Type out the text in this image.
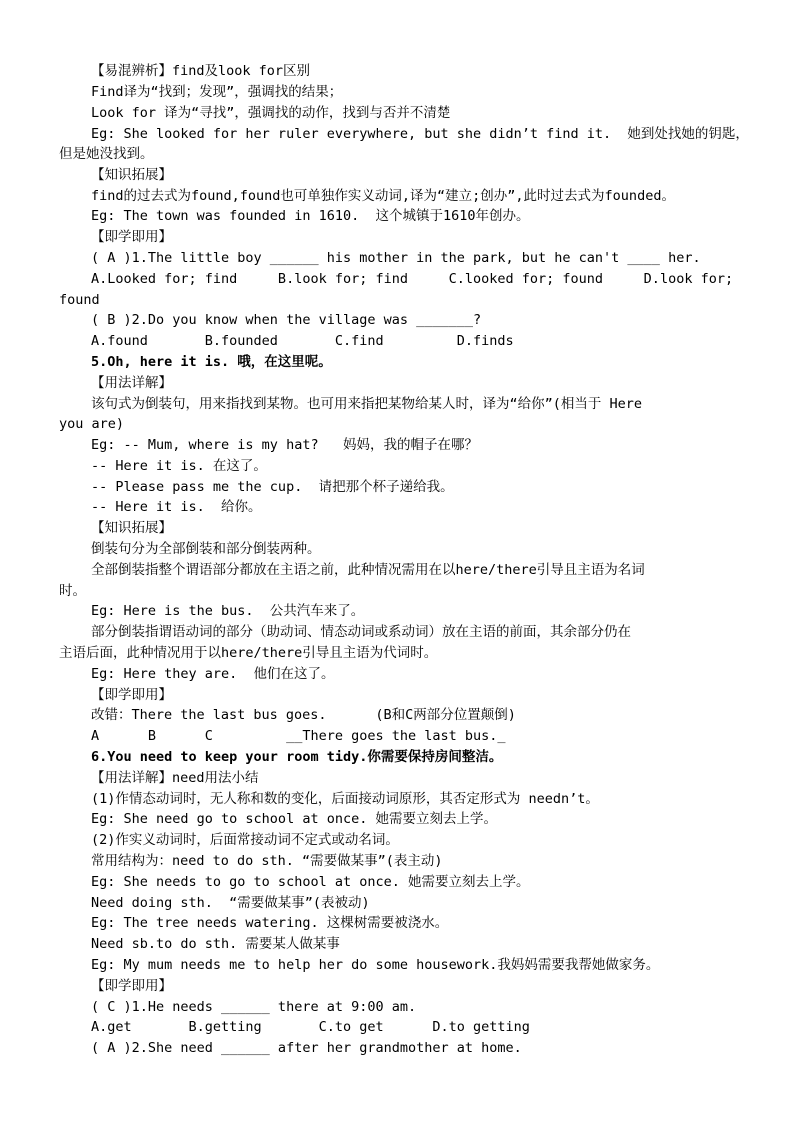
【易混辨析】find及look for区别
Find译为“找到；发现”，强调找的结果；
Look for 译为“寻找”，强调找的动作，找到与否并不清楚
Eg: She looked for her ruler everywhere, but she didn’t find it.  她到处找她的钥匙，
但是她没找到。
【知识拓展】
find的过去式为found,found也可单独作实义动词,译为“建立;创办”,此时过去式为founded。
Eg: The town was founded in 1610.  这个城镇于1610年创办。
【即学即用】
( A )1.The little boy ______ his mother in the park, but he can't ____ her.
A.Looked for; find     B.look for; find     C.looked for; found     D.look for;
found
( B )2.Do you know when the village was _______?
A.found       B.founded       C.find         D.finds
5.Oh, here it is. 哦，在这里呢。
【用法详解】
该句式为倒装句，用来指找到某物。也可用来指把某物给某人时，译为“给你”(相当于 Here
you are)
Eg: -- Mum, where is my hat?   妈妈，我的帽子在哪？
-- Here it is. 在这了。
-- Please pass me the cup.  请把那个杯子递给我。
-- Here it is.  给你。
【知识拓展】
倒装句分为全部倒装和部分倒装两种。
全部倒装指整个谓语部分都放在主语之前，此种情况需用在以here/there引导且主语为名词
时。
Eg: Here is the bus.  公共汽车来了。
部分倒装指谓语动词的部分（助动词、情态动词或系动词）放在主语的前面，其余部分仍在
主语后面，此种情况用于以here/there引导且主语为代词时。
Eg: Here they are.  他们在这了。
【即学即用】
改错：There the last bus goes.      (B和C两部分位置颠倒)
A      B      C         __There goes the last bus._
6.You need to keep your room tidy.你需要保持房间整洁。
【用法详解】need用法小结
(1)作情态动词时，无人称和数的变化，后面接动词原形，其否定形式为 needn’t。
Eg: She need go to school at once. 她需要立刻去上学。
(2)作实义动词时，后面常接动词不定式或动名词。
常用结构为：need to do sth. “需要做某事”(表主动)
Eg: She needs to go to school at once. 她需要立刻去上学。
Need doing sth.  “需要做某事”(表被动)
Eg: The tree needs watering. 这棵树需要被浇水。
Need sb.to do sth. 需要某人做某事
Eg: My mum needs me to help her do some housework.我妈妈需要我帮她做家务。
【即学即用】
( C )1.He needs ______ there at 9:00 am.
A.get       B.getting       C.to get      D.to getting
( A )2.She need ______ after her grandmother at home.
